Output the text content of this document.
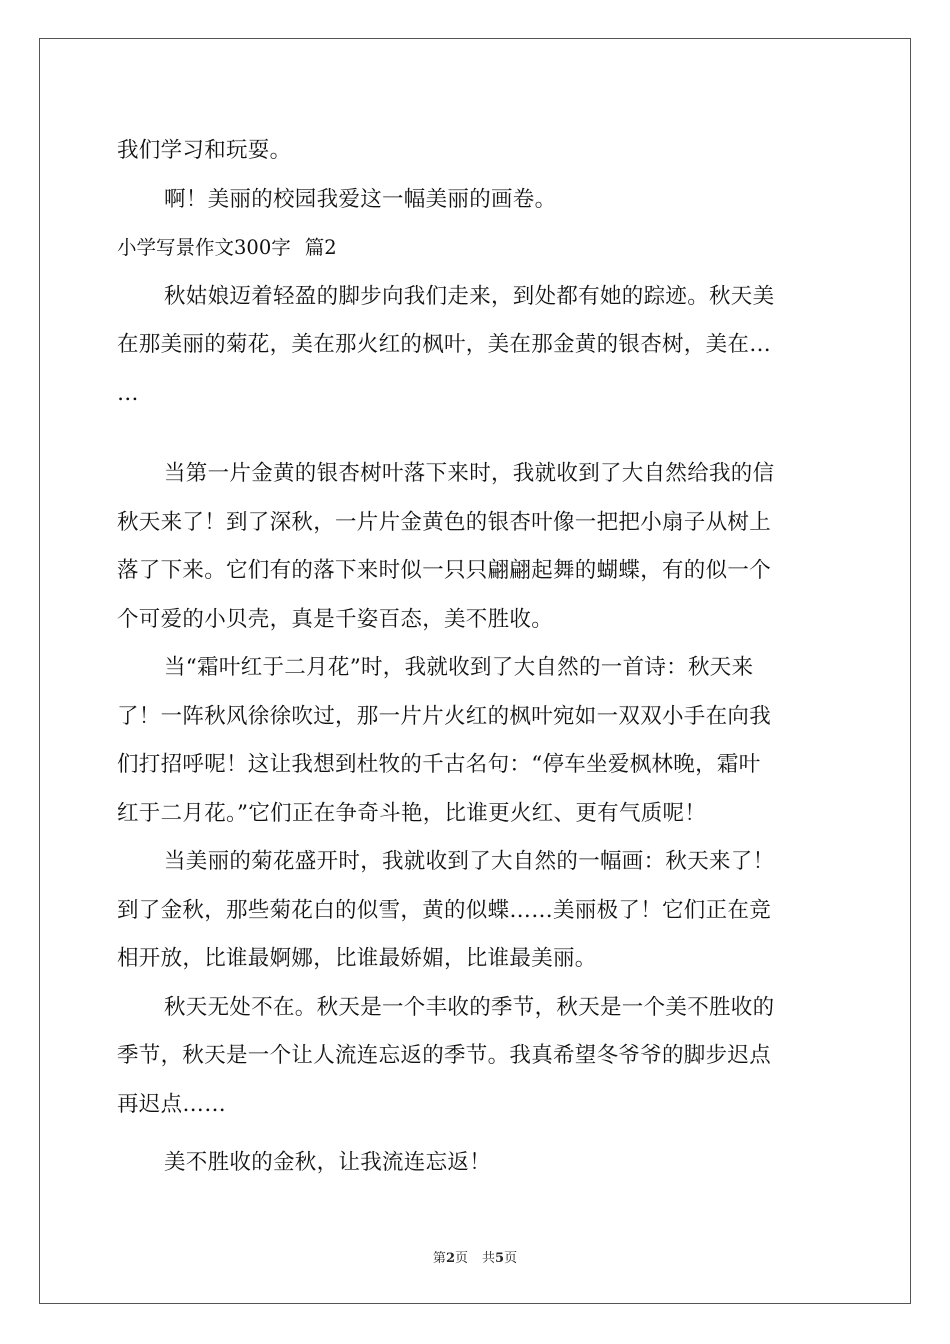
我们学习和玩耍。
啊！美丽的校园我爱这一幅美丽的画卷。
小学写景作文300字 篇2
秋姑娘迈着轻盈的脚步向我们走来，到处都有她的踪迹。秋天美
在那美丽的菊花，美在那火红的枫叶，美在那金黄的银杏树，美在…
…
当第一片金黄的银杏树叶落下来时，我就收到了大自然给我的信
秋天来了！到了深秋，一片片金黄色的银杏叶像一把把小扇子从树上
落了下来。它们有的落下来时似一只只翩翩起舞的蝴蝶，有的似一个
个可爱的小贝壳，真是千姿百态，美不胜收。
当“霜叶红于二月花”时，我就收到了大自然的一首诗：秋天来
了！一阵秋风徐徐吹过，那一片片火红的枫叶宛如一双双小手在向我
们打招呼呢！这让我想到杜牧的千古名句：“停车坐爱枫林晚，霜叶
红于二月花。”它们正在争奇斗艳，比谁更火红、更有气质呢！
当美丽的菊花盛开时，我就收到了大自然的一幅画：秋天来了！
到了金秋，那些菊花白的似雪，黄的似蝶……美丽极了！它们正在竞
相开放，比谁最婀娜，比谁最娇媚，比谁最美丽。
秋天无处不在。秋天是一个丰收的季节，秋天是一个美不胜收的
季节，秋天是一个让人流连忘返的季节。我真希望冬爷爷的脚步迟点
再迟点……
美不胜收的金秋，让我流连忘返！
第2页 共5页
